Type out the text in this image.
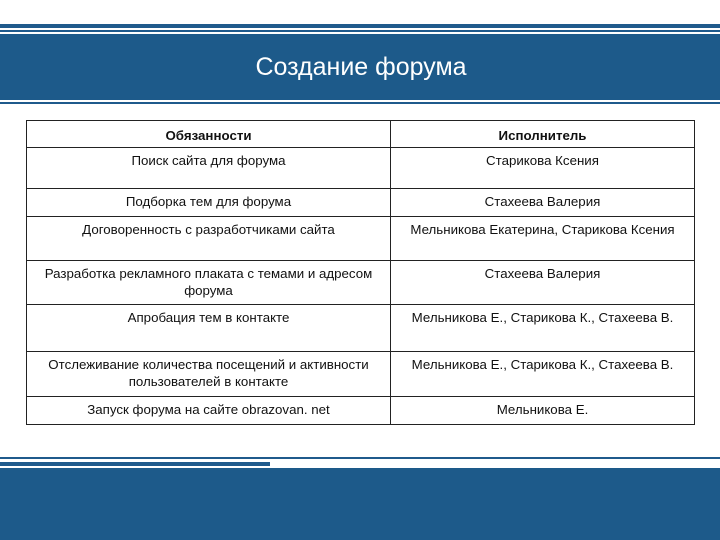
Создание форума
Обязанности	Исполнитель
Поиск сайта для форума	Старикова Ксения
Подборка тем для форума	Стахеева Валерия
Договоренность с разработчиками сайта	Мельникова Екатерина, Старикова Ксения
Разработка рекламного плаката с темами и адресом форума	Стахеева Валерия
Апробация тем в контакте	Мельникова Е., Старикова К., Стахеева В.
Отслеживание количества посещений и активности пользователей в контакте	Мельникова Е., Старикова К., Стахеева В.
Запуск форума на сайте obrazovan. net	Мельникова Е.
